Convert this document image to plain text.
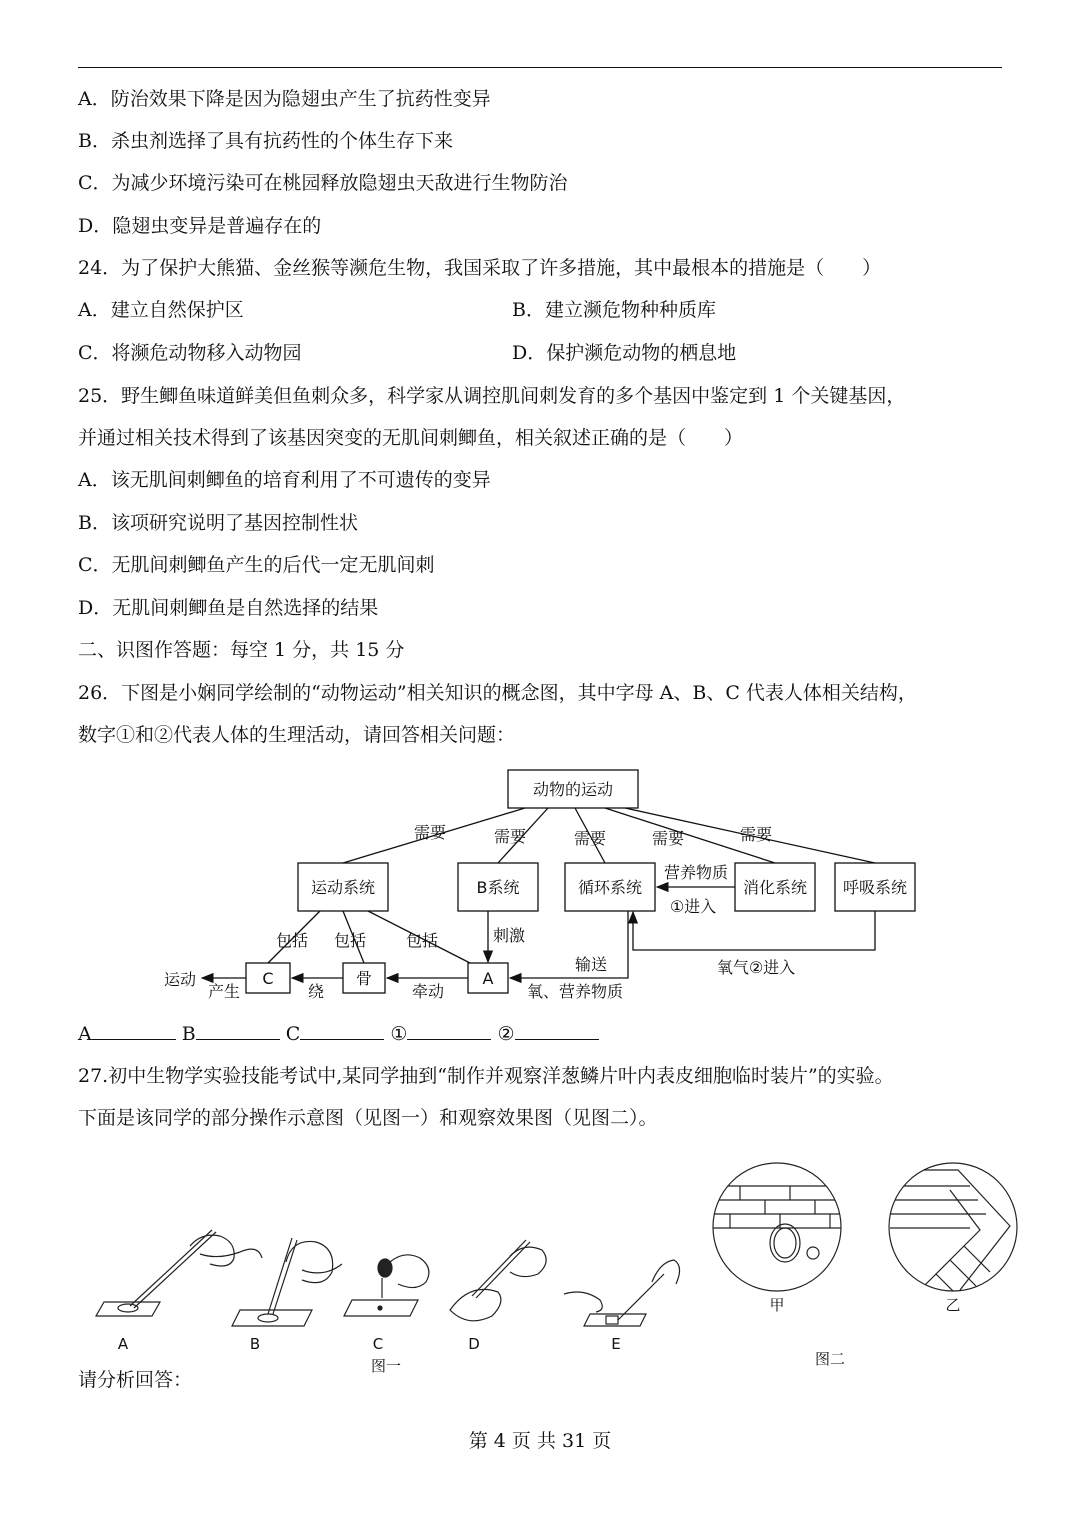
A．防治效果下降是因为隐翅虫产生了抗药性变异
B．杀虫剂选择了具有抗药性的个体生存下来
C．为减少环境污染可在桃园释放隐翅虫天敌进行生物防治
D．隐翅虫变异是普遍存在的
24．为了保护大熊猫、金丝猴等濒危生物，我国采取了许多措施，其中最根本的措施是（　　）
A．建立自然保护区	B．建立濒危物种种质库
C．将濒危动物移入动物园	D．保护濒危动物的栖息地
25．野生鲫鱼味道鲜美但鱼刺众多，科学家从调控肌间刺发育的多个基因中鉴定到 1 个关键基因，
并通过相关技术得到了该基因突变的无肌间刺鲫鱼，相关叙述正确的是（　　）
A．该无肌间刺鲫鱼的培育利用了不可遗传的变异
B．该项研究说明了基因控制性状
C．无肌间刺鲫鱼产生的后代一定无肌间刺
D．无肌间刺鲫鱼是自然选择的结果
二、识图作答题：每空 1 分，共 15 分
26．下图是小娴同学绘制的“动物运动”相关知识的概念图，其中字母 A、B、C 代表人体相关结构，
数字①和②代表人体的生理活动，请回答相关问题：
动物的运动
需要	需要	需要	需要	需要
运动系统	B系统	循环系统	消化系统 呼吸系统
C	骨	A
包括 包括 包括	刺激
营养物质
①进入
氧气②进入
输送
氧、营养物质
牵动
绕
产生
运动
A	B	C	①	②
27.初中生物学实验技能考试中,某同学抽到“制作并观察洋葱鳞片叶内表皮细胞临时装片”的实验。
下面是该同学的部分操作示意图（见图一）和观察效果图（见图二）。
A	B	C	D	E
图一
甲	乙
图二
请分析回答：
第 4 页 共 31 页
